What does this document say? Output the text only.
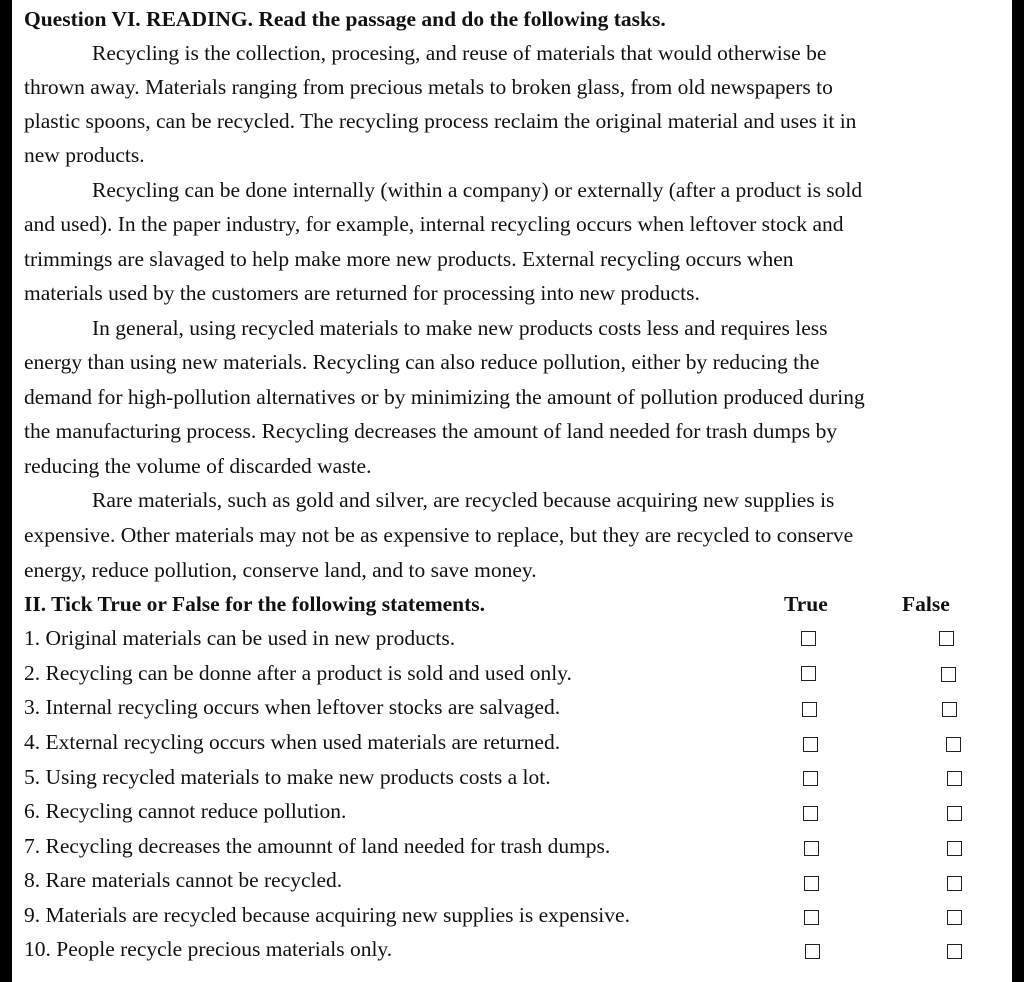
Question VI. READING. Read the passage and do the following tasks.
Recycling is the collection, procesing, and reuse of materials that would otherwise be
thrown away. Materials ranging from precious metals to broken glass, from old newspapers to
plastic spoons, can be recycled. The recycling process reclaim the original material and uses it in
new products.
Recycling can be done internally (within a company) or externally (after a product is sold
and used). In the paper industry, for example, internal recycling occurs when leftover stock and
trimmings are slavaged to help make more new products. External recycling occurs when
materials used by the customers are returned for processing into new products.
In general, using recycled materials to make new products costs less and requires less
energy than using new materials. Recycling can also reduce pollution, either by reducing the
demand for high-pollution alternatives or by minimizing the amount of pollution produced during
the manufacturing process. Recycling decreases the amount of land needed for trash dumps by
reducing the volume of discarded waste.
Rare materials, such as gold and silver, are recycled because acquiring new supplies is
expensive. Other materials may not be as expensive to replace, but they are recycled to conserve
energy, reduce pollution, conserve land, and to save money.
II. Tick True or False for the following statements.	True	False
1. Original materials can be used in new products.
2. Recycling can be donne after a product is sold and used only.
3. Internal recycling occurs when leftover stocks are salvaged.
4. External recycling occurs when used materials are returned.
5. Using recycled materials to make new products costs a lot.
6. Recycling cannot reduce pollution.
7. Recycling decreases the amounnt of land needed for trash dumps.
8. Rare materials cannot be recycled.
9. Materials are recycled because acquiring new supplies is expensive.
10. People recycle precious materials only.
